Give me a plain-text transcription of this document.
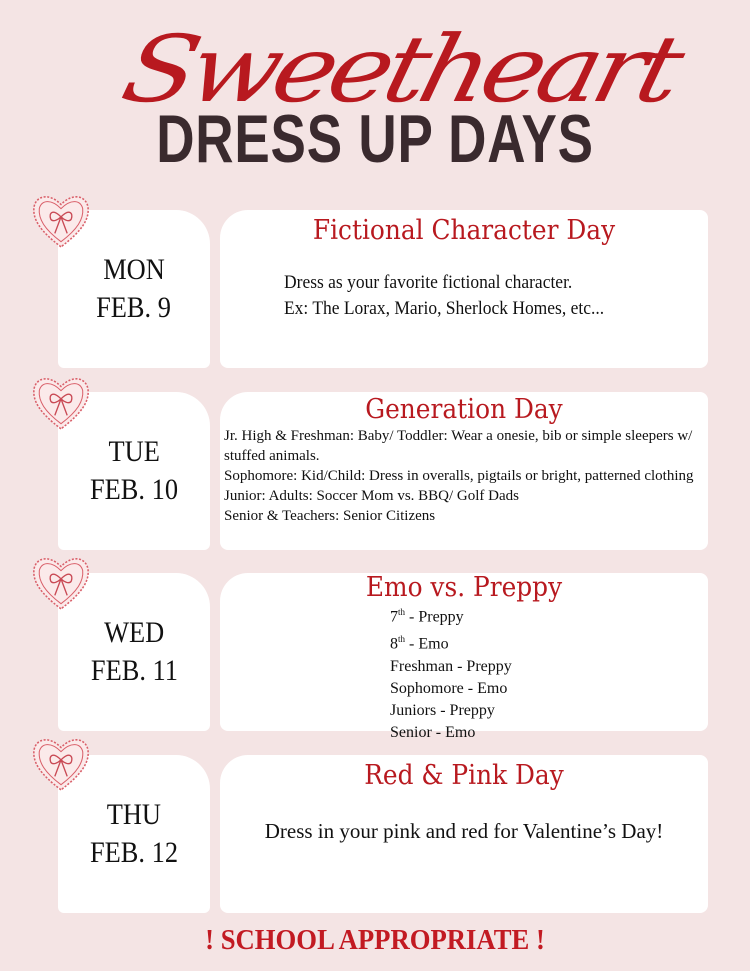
Sweetheart
DRESS UP DAYS
MON
FEB. 9
Fictional Character Day
Dress as your favorite fictional character.
Ex: The Lorax, Mario, Sherlock Homes, etc...
TUE
FEB. 10
Generation Day
Jr. High & Freshman: Baby/ Toddler: Wear a onesie, bib or simple sleepers w/ stuffed animals.
Sophomore: Kid/Child: Dress in overalls, pigtails or bright, patterned clothing
Junior: Adults: Soccer Mom vs. BBQ/ Golf Dads
Senior & Teachers: Senior Citizens
WED
FEB. 11
Emo vs. Preppy
7th - Preppy
8th - Emo
Freshman - Preppy
Sophomore - Emo
Juniors - Preppy
Senior - Emo
THU
FEB. 12
Red & Pink Day
Dress in your pink and red for Valentine’s Day!
! SCHOOL APPROPRIATE !
